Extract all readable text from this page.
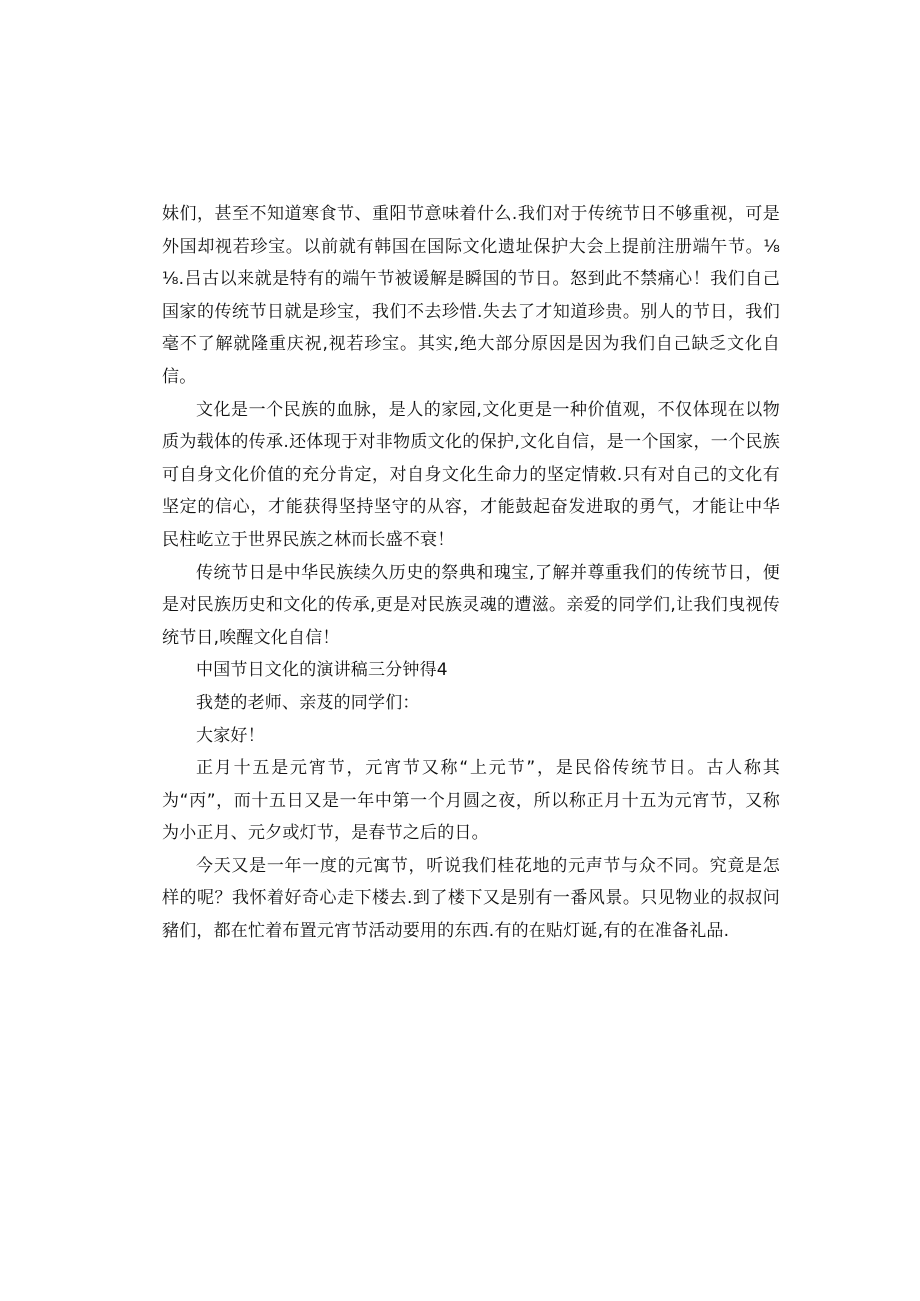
妹们，甚至不知道寒食节、重阳节意味着什么.我们对于传统节日不够重视，可是外国却视若珍宝。以前就有韩国在国际文化遗址保护大会上提前注册端午节。⅛⅛.吕古以来就是特有的端午节被谖解是瞬国的节日。怒到此不禁痛心！我们自己国家的传统节日就是珍宝，我们不去珍惜.失去了才知道珍贵。别人的节日，我们毫不了解就隆重庆祝,视若珍宝。其实,绝大部分原因是因为我们自己缺乏文化自信。

文化是一个民族的血脉，是人的家园,文化更是一种价值观，不仅体现在以物质为载体的传承.还体现于对非物质文化的保护,文化自信，是一个国家，一个民族可自身文化价值的充分肯定，对自身文化生命力的坚定情敕.只有对自己的文化有坚定的信心，才能获得坚持坚守的从容，才能鼓起奋发进取的勇气，才能让中华民柱屹立于世界民族之林而长盛不衰！

传统节日是中华民族续久历史的祭典和瑰宝,了解并尊重我们的传统节日，便是对民族历史和文化的传承,更是对民族灵魂的遭滋。亲爱的同学们,让我们曳视传统节日,唉醒文化自信！

中国节日文化的演讲稿三分钟得4

我楚的老师、亲芨的同学们：

大家好！

正月十五是元宵节，元宵节又称“上元节”，是民俗传统节日。古人称其为“丙”，而十五日又是一年中第一个月圆之夜，所以称正月十五为元宵节，又称为小正月、元夕或灯节，是春节之后的日。

今天又是一年一度的元寓节，听说我们桂花地的元声节与众不同。究竟是怎样的呢？我怀着好奇心走下楼去.到了楼下又是别有一番风景。只见物业的叔叔问豬们，都在忙着布置元宵节活动要用的东西.有的在贴灯诞,有的在准备礼品.
